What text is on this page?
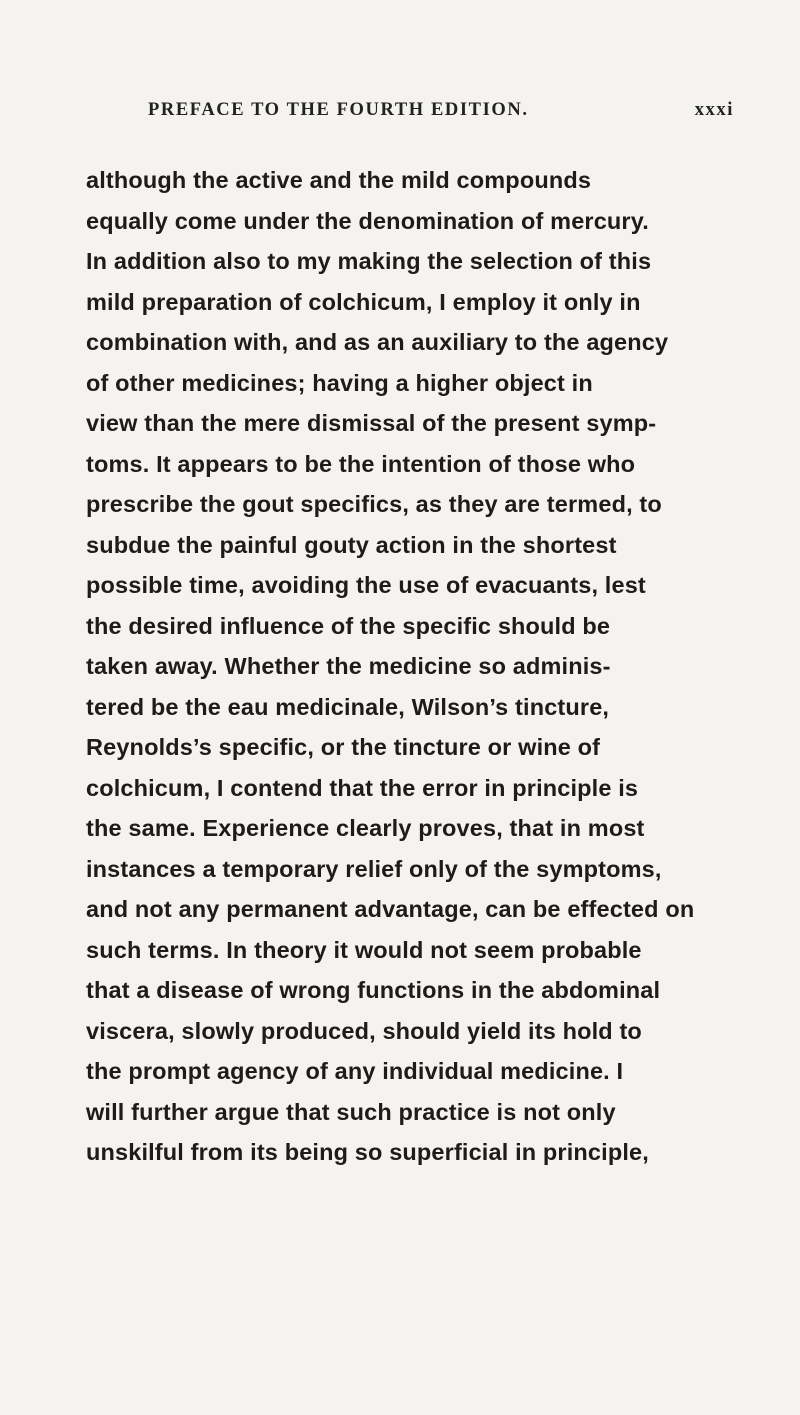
PREFACE TO THE FOURTH EDITION.	xxxi
although the active and the mild compounds
equally come under the denomination of mercury.
In addition also to my making the selection of this
mild preparation of colchicum, I employ it only in
combination with, and as an auxiliary to the agency
of other medicines; having a higher object in
view than the mere dismissal of the present symp-
toms. It appears to be the intention of those who
prescribe the gout specifics, as they are termed, to
subdue the painful gouty action in the shortest
possible time, avoiding the use of evacuants, lest
the desired influence of the specific should be
taken away. Whether the medicine so adminis-
tered be the eau medicinale, Wilson’s tincture,
Reynolds’s specific, or the tincture or wine of
colchicum, I contend that the error in principle is
the same. Experience clearly proves, that in most
instances a temporary relief only of the symptoms,
and not any permanent advantage, can be effected on
such terms. In theory it would not seem probable
that a disease of wrong functions in the abdominal
viscera, slowly produced, should yield its hold to
the prompt agency of any individual medicine. I
will further argue that such practice is not only
unskilful from its being so superficial in principle,
